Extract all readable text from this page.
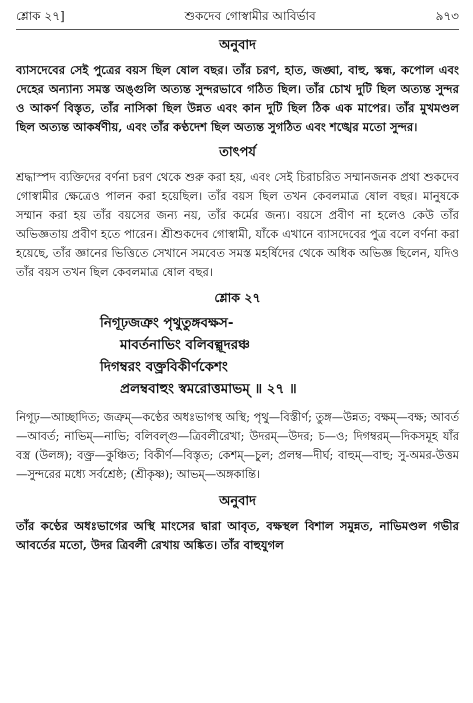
শ্লোক ২৭]	শুকদেব গোস্বামীর আবির্ভাব	৯৭৩
অনুবাদ

ব্যাসদেবের সেই পুত্রের বয়স ছিল ষোল বছর। তাঁর চরণ, হাত, জঙ্ঘা, বাহু, স্কন্ধ, কপোল এবং দেহের অন্যান্য সমস্ত অঙ্গুলি অত্যন্ত সুন্দরভাবে গঠিত ছিল। তাঁর চোখ দুটি ছিল অত্যন্ত সুন্দর ও আকর্ণ বিস্তৃত, তাঁর নাসিকা ছিল উন্নত এবং কান দুটি ছিল ঠিক এক মাপের। তাঁর মুখমণ্ডল ছিল অত্যন্ত আকর্ষণীয়, এবং তাঁর কণ্ঠদেশ ছিল অত্যন্ত সুগঠিত এবং শঙ্খের মতো সুন্দর।

তাৎপর্য

শ্রদ্ধাস্পদ ব্যক্তিদের বর্ণনা চরণ থেকে শুরু করা হয়, এবং সেই চিরাচরিত সম্মানজনক প্রথা শুকদেব গোস্বামীর ক্ষেত্রেও পালন করা হয়েছিল। তাঁর বয়স ছিল তখন কেবলমাত্র ষোল বছর। মানুষকে সম্মান করা হয় তাঁর বয়সের জন্য নয়, তাঁর কর্মের জন্য। বয়সে প্রবীণ না হলেও কেউ তাঁর অভিজ্ঞতায় প্রবীণ হতে পারেন। শ্রীশুকদেব গোস্বামী, যাঁকে এখানে ব্যাসদেবের পুত্র বলে বর্ণনা করা হয়েছে, তাঁর জ্ঞানের ভিত্তিতে সেখানে সমবেত সমস্ত মহর্ষিদের থেকে অধিক অভিজ্ঞ ছিলেন, যদিও তাঁর বয়স তখন ছিল কেবলমাত্র ষোল বছর।

শ্লোক ২৭
নিগূঢ়জত্রুং পৃথুতুঙ্গবক্ষস-
মাবর্তনাভিং বলিবল্গূদরঞ্চ
দিগম্বরং বক্ত্রবিকীর্ণকেশং
প্রলম্ববাহুং স্বমরোত্তমাভম্ ॥ ২৭ ॥

নিগূঢ়—আচ্ছাদিত; জত্রুম্—কণ্ঠের অধঃভাগস্থ অস্থি; পৃথু—বিস্তীর্ণ; তুঙ্গ—উন্নত; বক্ষম্—বক্ষ; আবর্ত—আবর্ত; নাভিম্—নাভি; বলিবল্গু—ত্রিবলীরেখা; উদরম্—উদর; চ—ও; দিগম্বরম্—দিকসমূহ যাঁর বস্ত্র (উলঙ্গ); বক্ত্র—কুঞ্চিত; বিকীর্ণ—বিস্তৃত; কেশম্—চুল; প্রলম্ব—দীর্ঘ; বাহুম্—বাহু; সু-অমর-উত্তম—সুন্দরের মধ্যে সর্বশ্রেষ্ঠ; (শ্রীকৃষ্ণ); আভম্—অঙ্গকান্তি।

অনুবাদ

তাঁর কণ্ঠের অধঃভাগের অস্থি মাংসের দ্বারা আবৃত, বক্ষস্থল বিশাল সমুন্নত, নাভিমণ্ডল গভীর আবর্তের মতো, উদর ত্রিবলী রেখায় অঙ্কিত। তাঁর বাহুযুগল
